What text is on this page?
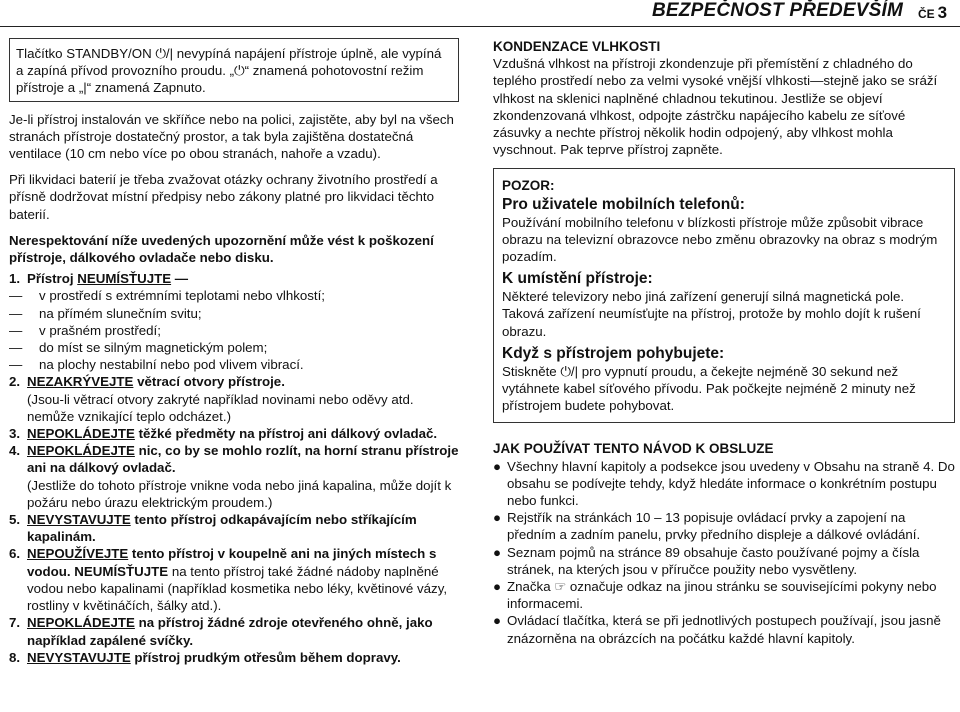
BEZPEČNOST PŘEDEVŠÍM ČE 3

Tlačítko STANDBY/ON ⏻/| nevypíná napájení přístroje úplně, ale vypíná a zapíná přívod provozního proudu. „⏻“ znamená pohotovostní režim přístroje a „|“ znamená Zapnuto.

Je-li přístroj instalován ve skříňce nebo na polici, zajistěte, aby byl na všech stranách přístroje dostatečný prostor, a tak byla zajištěna dostatečná ventilace (10 cm nebo více po obou stranách, nahoře a vzadu).

Při likvidaci baterií je třeba zvažovat otázky ochrany životního prostředí a přísně dodržovat místní předpisy nebo zákony platné pro likvidaci těchto baterií.

Nerespektování níže uvedených upozornění může vést k poškození přístroje, dálkového ovladače nebo disku.

1. Přístroj NEUMÍSŤUJTE —
— v prostředí s extrémními teplotami nebo vlhkostí;
— na přímém slunečním svitu;
— v prašném prostředí;
— do míst se silným magnetickým polem;
— na plochy nestabilní nebo pod vlivem vibrací.
2. NEZAKRÝVEJTE větrací otvory přístroje.
(Jsou-li větrací otvory zakryté například novinami nebo oděvy atd. nemůže vznikající teplo odcházet.)
3. NEPOKLÁDEJTE těžké předměty na přístroj ani dálkový ovladač.
4. NEPOKLÁDEJTE nic, co by se mohlo rozlít, na horní stranu přístroje ani na dálkový ovladač.
(Jestliže do tohoto přístroje vnikne voda nebo jiná kapalina, může dojít k požáru nebo úrazu elektrickým proudem.)
5. NEVYSTAVUJTE tento přístroj odkapávajícím nebo stříkajícím kapalinám.
6. NEPOUŽÍVEJTE tento přístroj v koupelně ani na jiných místech s vodou. NEUMÍSŤUJTE na tento přístroj také žádné nádoby naplněné vodou nebo kapalinami (například kosmetika nebo léky, květinové vázy, rostliny v květináčích, šálky atd.).
7. NEPOKLÁDEJTE na přístroj žádné zdroje otevřeného ohně, jako například zapálené svíčky.
8. NEVYSTAVUJTE přístroj prudkým otřesům během dopravy.

KONDENZACE VLHKOSTI

Vzdušná vlhkost na přístroji zkondenzuje při přemístění z chladného do teplého prostředí nebo za velmi vysoké vnější vlhkosti—stejně jako se sráží vlhkost na sklenici naplněné chladnou tekutinou. Jestliže se objeví zkondenzovaná vlhkost, odpojte zástrčku napájecího kabelu ze síťové zásuvky a nechte přístroj několik hodin odpojený, aby vlhkost mohla vyschnout. Pak teprve přístroj zapněte.

POZOR:

Pro uživatele mobilních telefonů:

Používání mobilního telefonu v blízkosti přístroje může způsobit vibrace obrazu na televizní obrazovce nebo změnu obrazovky na obraz s modrým pozadím.

K umístění přístroje:

Některé televizory nebo jiná zařízení generují silná magnetická pole. Taková zařízení neumísťujte na přístroj, protože by mohlo dojít k rušení obrazu.

Když s přístrojem pohybujete:

Stiskněte ⏻/| pro vypnutí proudu, a čekejte nejméně 30 sekund než vytáhnete kabel síťového přívodu. Pak počkejte nejméně 2 minuty než přístrojem budete pohybovat.

JAK POUŽÍVAT TENTO NÁVOD K OBSLUZE

● Všechny hlavní kapitoly a podsekce jsou uvedeny v Obsahu na straně 4. Do obsahu se podívejte tehdy, když hledáte informace o konkrétním postupu nebo funkci.
● Rejstřík na stránkách 10 – 13 popisuje ovládací prvky a zapojení na předním a zadním panelu, prvky předního displeje a dálkové ovládání.
● Seznam pojmů na stránce 89 obsahuje často používané pojmy a čísla stránek, na kterých jsou v příručce použity nebo vysvětleny.
● Značka ☞ označuje odkaz na jinou stránku se souvisejícími pokyny nebo informacemi.
● Ovládací tlačítka, která se při jednotlivých postupech používají, jsou jasně znázorněna na obrázcích na počátku každé hlavní kapitoly.
